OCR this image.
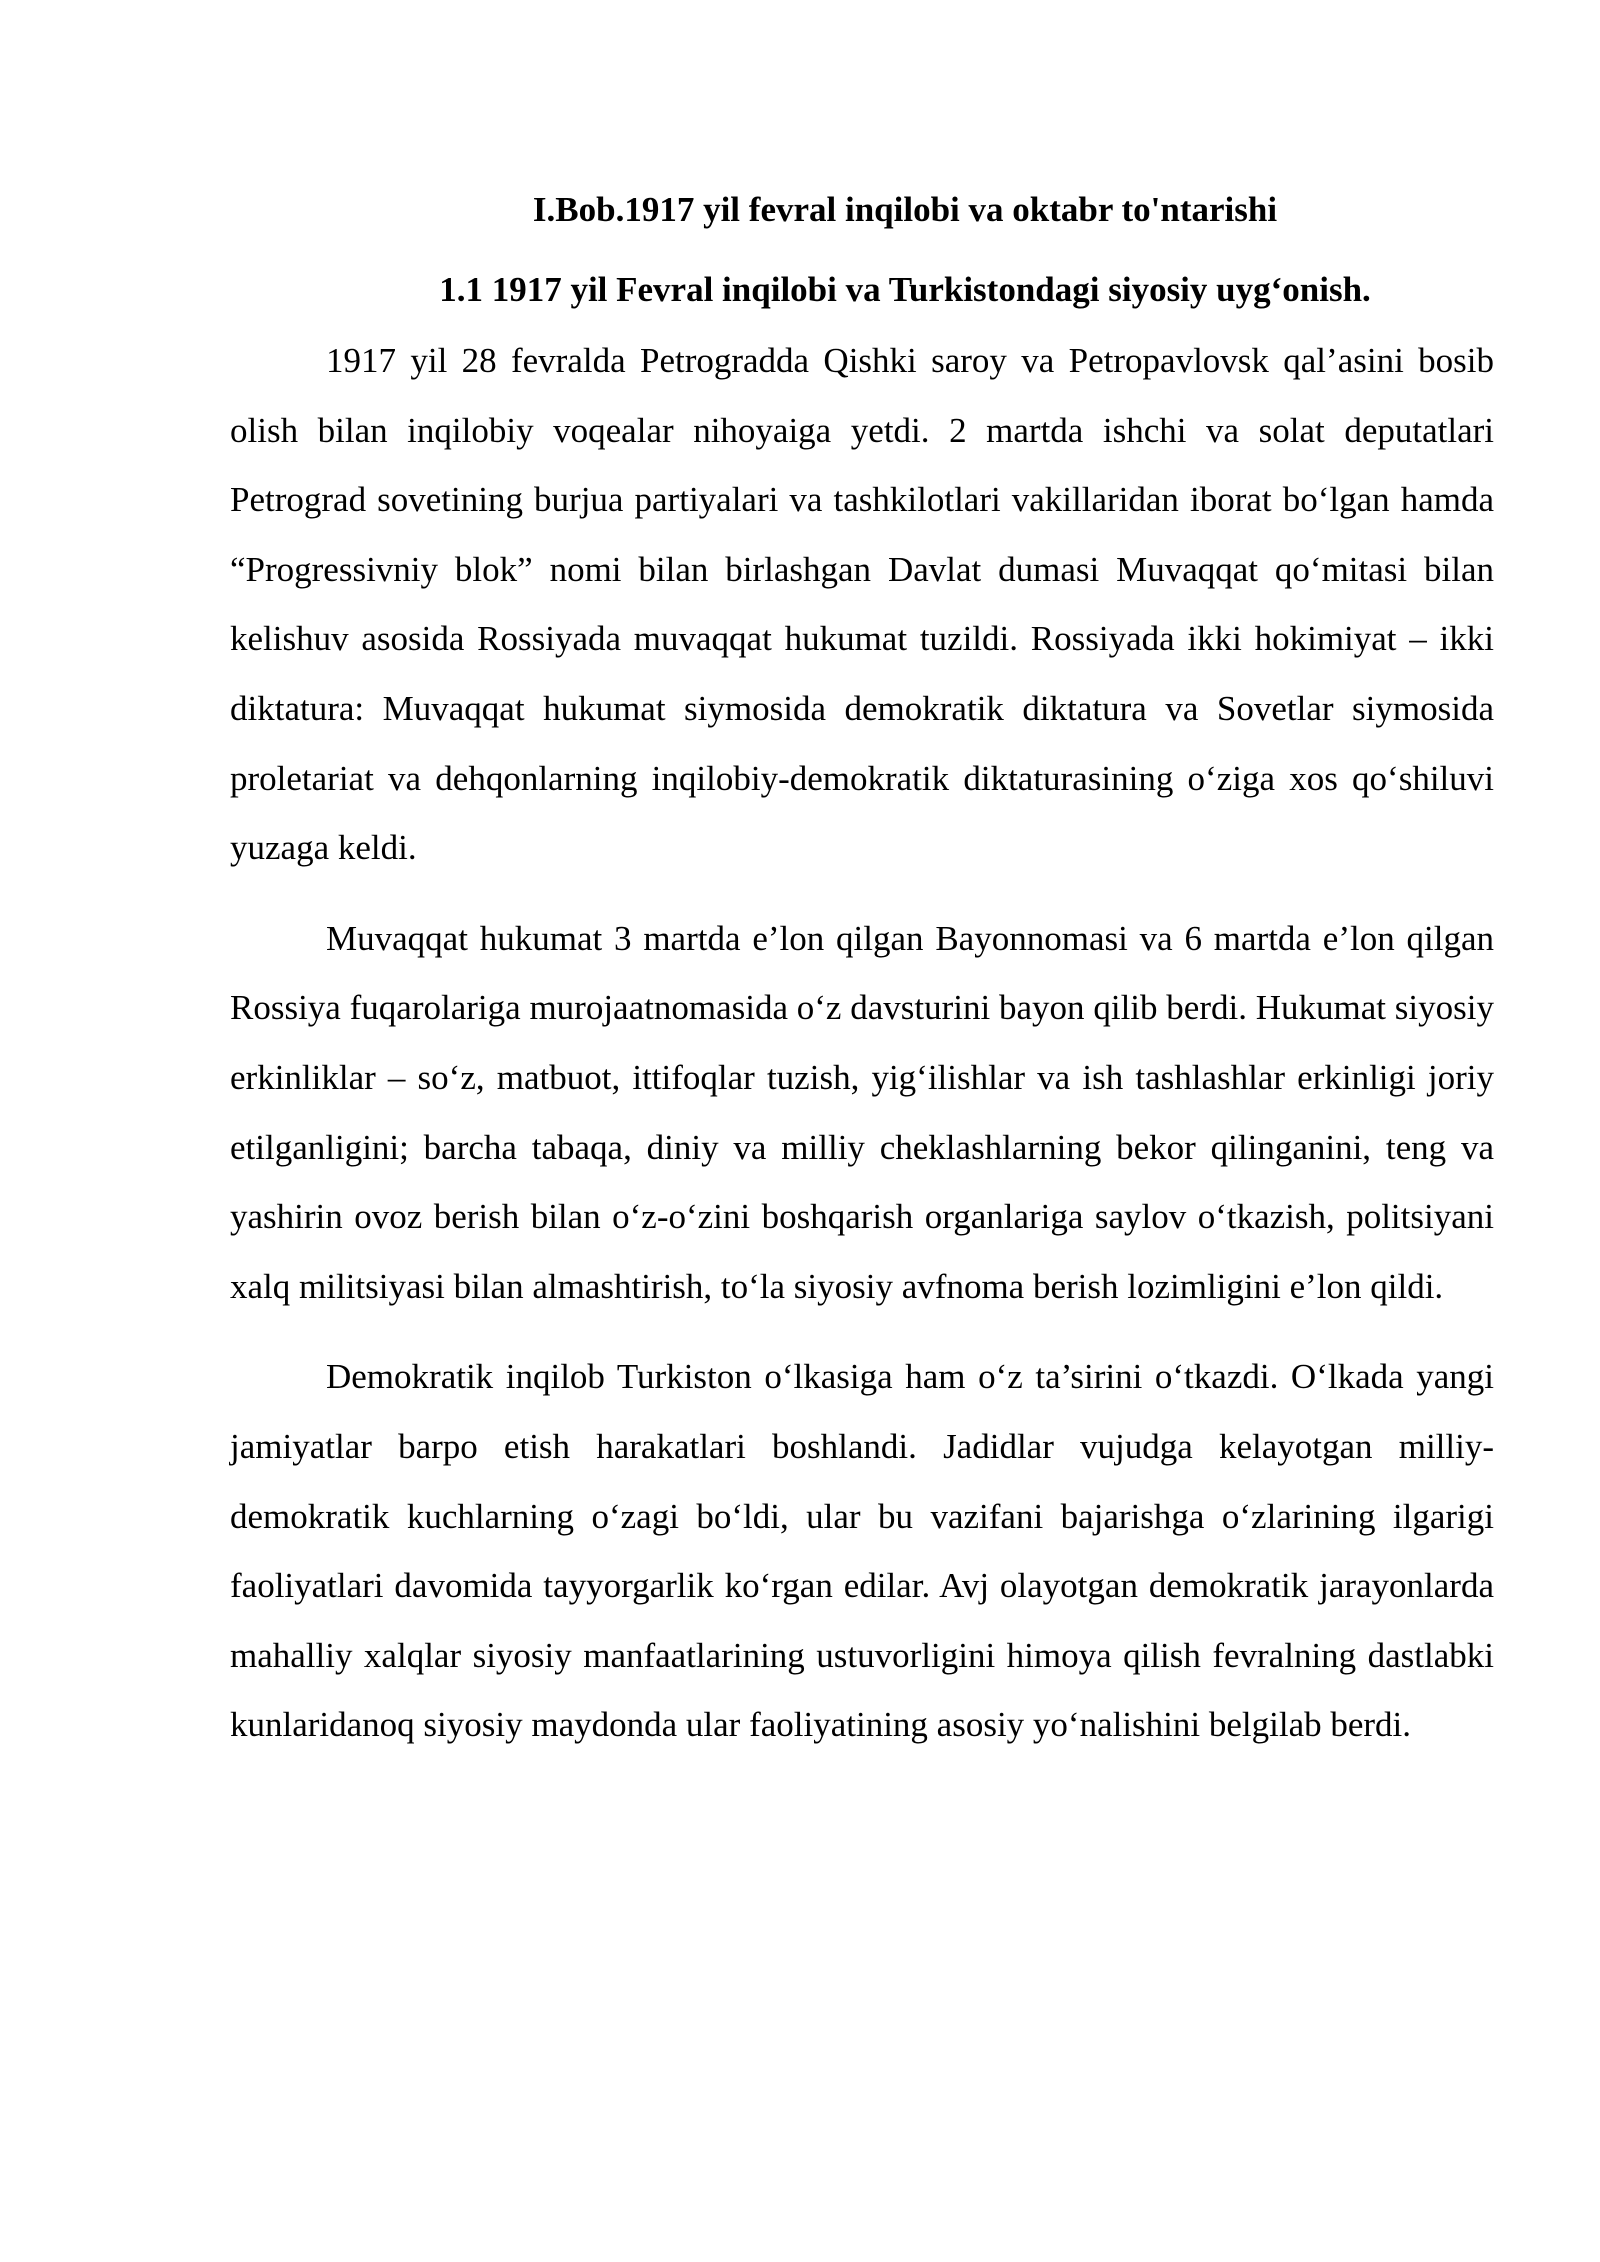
I.Bob.1917 yil fevral inqilobi va oktabr to'ntarishi
1.1 1917 yil Fevral inqilobi va Turkistondagi siyosiy uyg‘onish.

1917 yil 28 fevralda Petrogradda Qishki saroy va Petropavlovsk qal’asini bosib olish bilan inqilobiy voqealar nihoyaiga yetdi. 2 martda ishchi va solat deputatlari Petrograd sovetining burjua partiyalari va tashkilotlari vakillaridan iborat bo‘lgan hamda “Progressivniy blok” nomi bilan birlashgan Davlat dumasi Muvaqqat qo‘mitasi bilan kelishuv asosida Rossiyada muvaqqat hukumat tuzildi. Rossiyada ikki hokimiyat – ikki diktatura: Muvaqqat hukumat siymosida demokratik diktatura va Sovetlar siymosida proletariat va dehqonlarning inqilobiy-demokratik diktaturasining o‘ziga xos qo‘shiluvi yuzaga keldi.

Muvaqqat hukumat 3 martda e’lon qilgan Bayonnomasi va 6 martda e’lon qilgan Rossiya fuqarolariga murojaatnomasida o‘z davsturini bayon qilib berdi. Hukumat siyosiy erkinliklar – so‘z, matbuot, ittifoqlar tuzish, yig‘ilishlar va ish tashlashlar erkinligi joriy etilganligini; barcha tabaqa, diniy va milliy cheklashlarning bekor qilinganini, teng va yashirin ovoz berish bilan o‘z-o‘zini boshqarish organlariga saylov o‘tkazish, politsiyani xalq militsiyasi bilan almashtirish, to‘la siyosiy avfnoma berish lozimligini e’lon qildi.

Demokratik inqilob Turkiston o‘lkasiga ham o‘z ta’sirini o‘tkazdi. O‘lkada yangi jamiyatlar barpo etish harakatlari boshlandi. Jadidlar vujudga kelayotgan milliy-demokratik kuchlarning o‘zagi bo‘ldi, ular bu vazifani bajarishga o‘zlarining ilgarigi faoliyatlari davomida tayyorgarlik ko‘rgan edilar. Avj olayotgan demokratik jarayonlarda mahalliy xalqlar siyosiy manfaatlarining ustuvorligini himoya qilish fevralning dastlabki kunlaridanoq siyosiy maydonda ular faoliyatining asosiy yo‘nalishini belgilab berdi.
